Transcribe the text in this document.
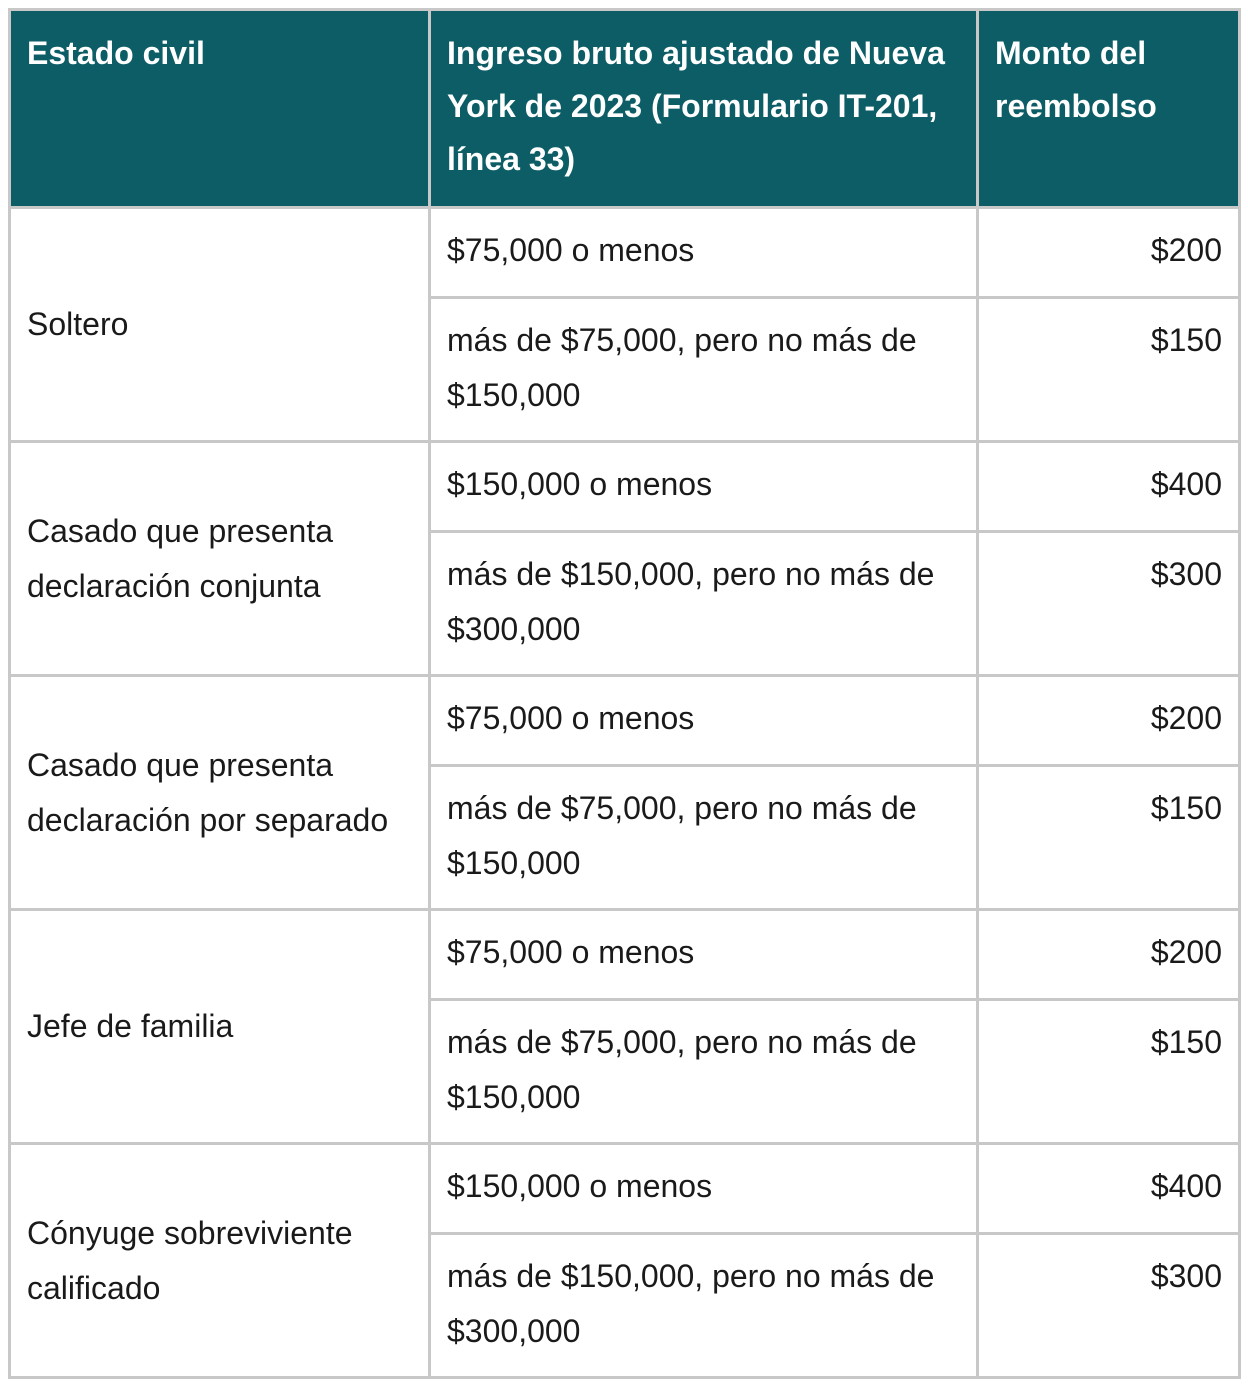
Estado civil	Ingreso bruto ajustado de Nueva York de 2023 (Formulario IT-201, línea 33)	Monto del reembolso
Soltero	$75,000 o menos	$200
	más de $75,000, pero no más de $150,000	$150
Casado que presenta declaración conjunta	$150,000 o menos	$400
	más de $150,000, pero no más de $300,000	$300
Casado que presenta declaración por separado	$75,000 o menos	$200
	más de $75,000, pero no más de $150,000	$150
Jefe de familia	$75,000 o menos	$200
	más de $75,000, pero no más de $150,000	$150
Cónyuge sobreviviente calificado	$150,000 o menos	$400
	más de $150,000, pero no más de $300,000	$300
